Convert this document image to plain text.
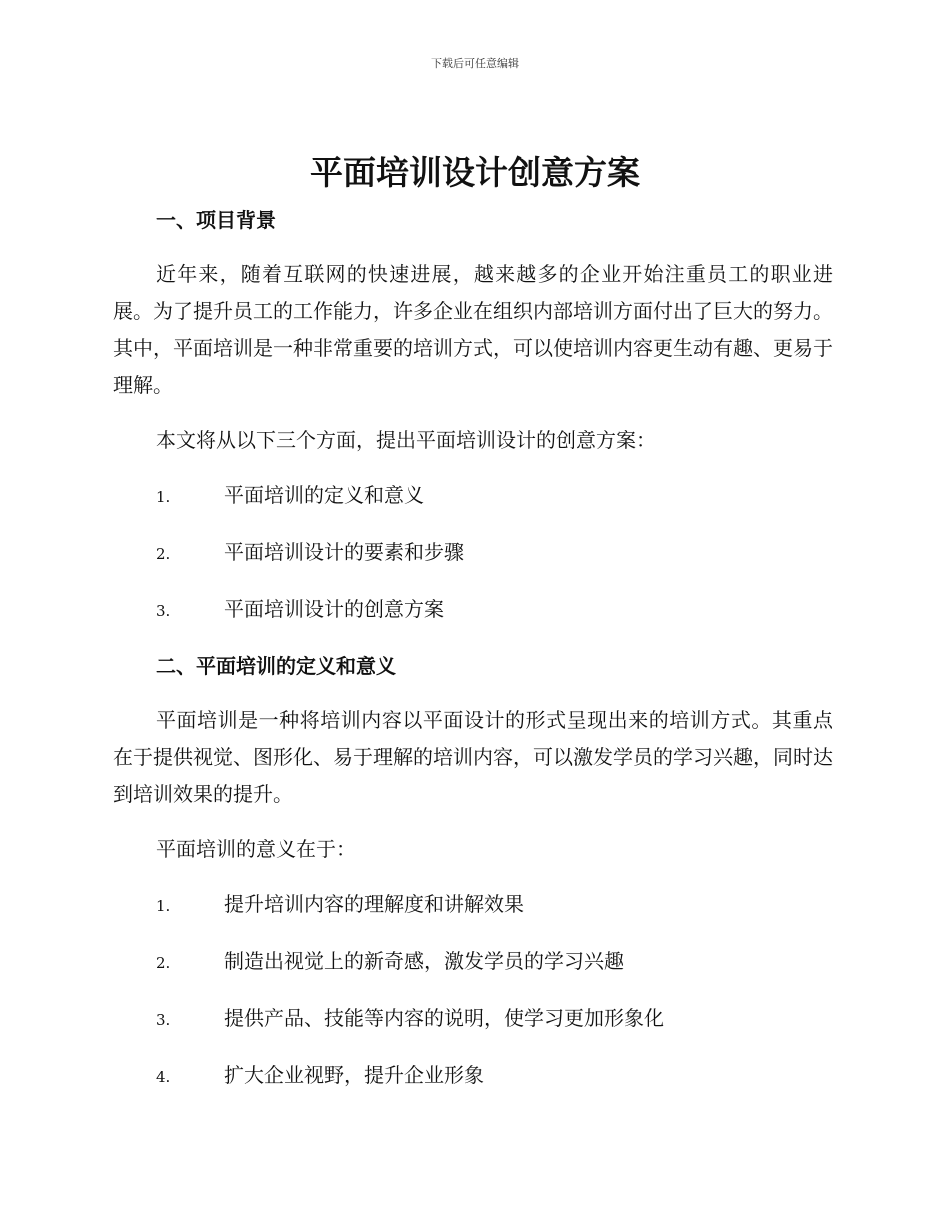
下载后可任意编辑
平面培训设计创意方案
一、项目背景

近年来，随着互联网的快速进展，越来越多的企业开始注重员工的职业进展。为了提升员工的工作能力，许多企业在组织内部培训方面付出了巨大的努力。其中，平面培训是一种非常重要的培训方式，可以使培训内容更生动有趣、更易于理解。

本文将从以下三个方面，提出平面培训设计的创意方案：

1.	平面培训的定义和意义
2.	平面培训设计的要素和步骤
3.	平面培训设计的创意方案
二、平面培训的定义和意义

平面培训是一种将培训内容以平面设计的形式呈现出来的培训方式。其重点在于提供视觉、图形化、易于理解的培训内容，可以激发学员的学习兴趣，同时达到培训效果的提升。

平面培训的意义在于：

1.	提升培训内容的理解度和讲解效果
2.	制造出视觉上的新奇感，激发学员的学习兴趣
3.	提供产品、技能等内容的说明，使学习更加形象化
4.	扩大企业视野，提升企业形象
